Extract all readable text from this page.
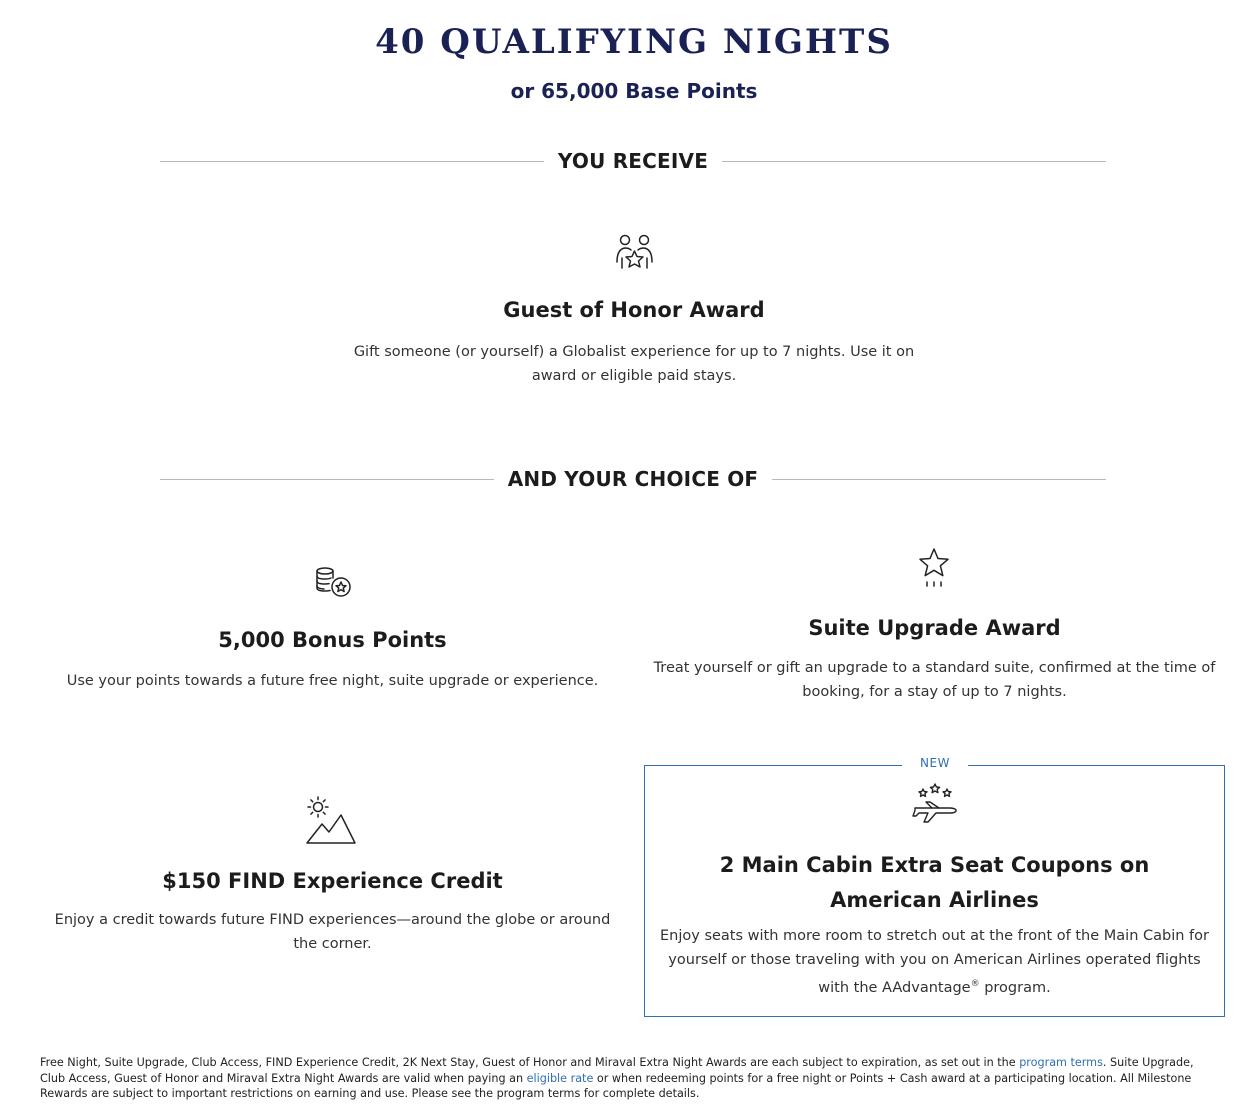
40 QUALIFYING NIGHTS
or 65,000 Base Points
YOU RECEIVE
Guest of Honor Award
Gift someone (or yourself) a Globalist experience for up to 7 nights. Use it on award or eligible paid stays.
AND YOUR CHOICE OF
5,000 Bonus Points
Use your points towards a future free night, suite upgrade or experience.
Suite Upgrade Award
Treat yourself or gift an upgrade to a standard suite, confirmed at the time of booking, for a stay of up to 7 nights.
$150 FIND Experience Credit
Enjoy a credit towards future FIND experiences—around the globe or around the corner.
NEW
2 Main Cabin Extra Seat Coupons on American Airlines
Enjoy seats with more room to stretch out at the front of the Main Cabin for yourself or those traveling with you on American Airlines operated flights with the AAdvantage® program.
Free Night, Suite Upgrade, Club Access, FIND Experience Credit, 2K Next Stay, Guest of Honor and Miraval Extra Night Awards are each subject to expiration, as set out in the program terms. Suite Upgrade, Club Access, Guest of Honor and Miraval Extra Night Awards are valid when paying an eligible rate or when redeeming points for a free night or Points + Cash award at a participating location. All Milestone Rewards are subject to important restrictions on earning and use. Please see the program terms for complete details.
